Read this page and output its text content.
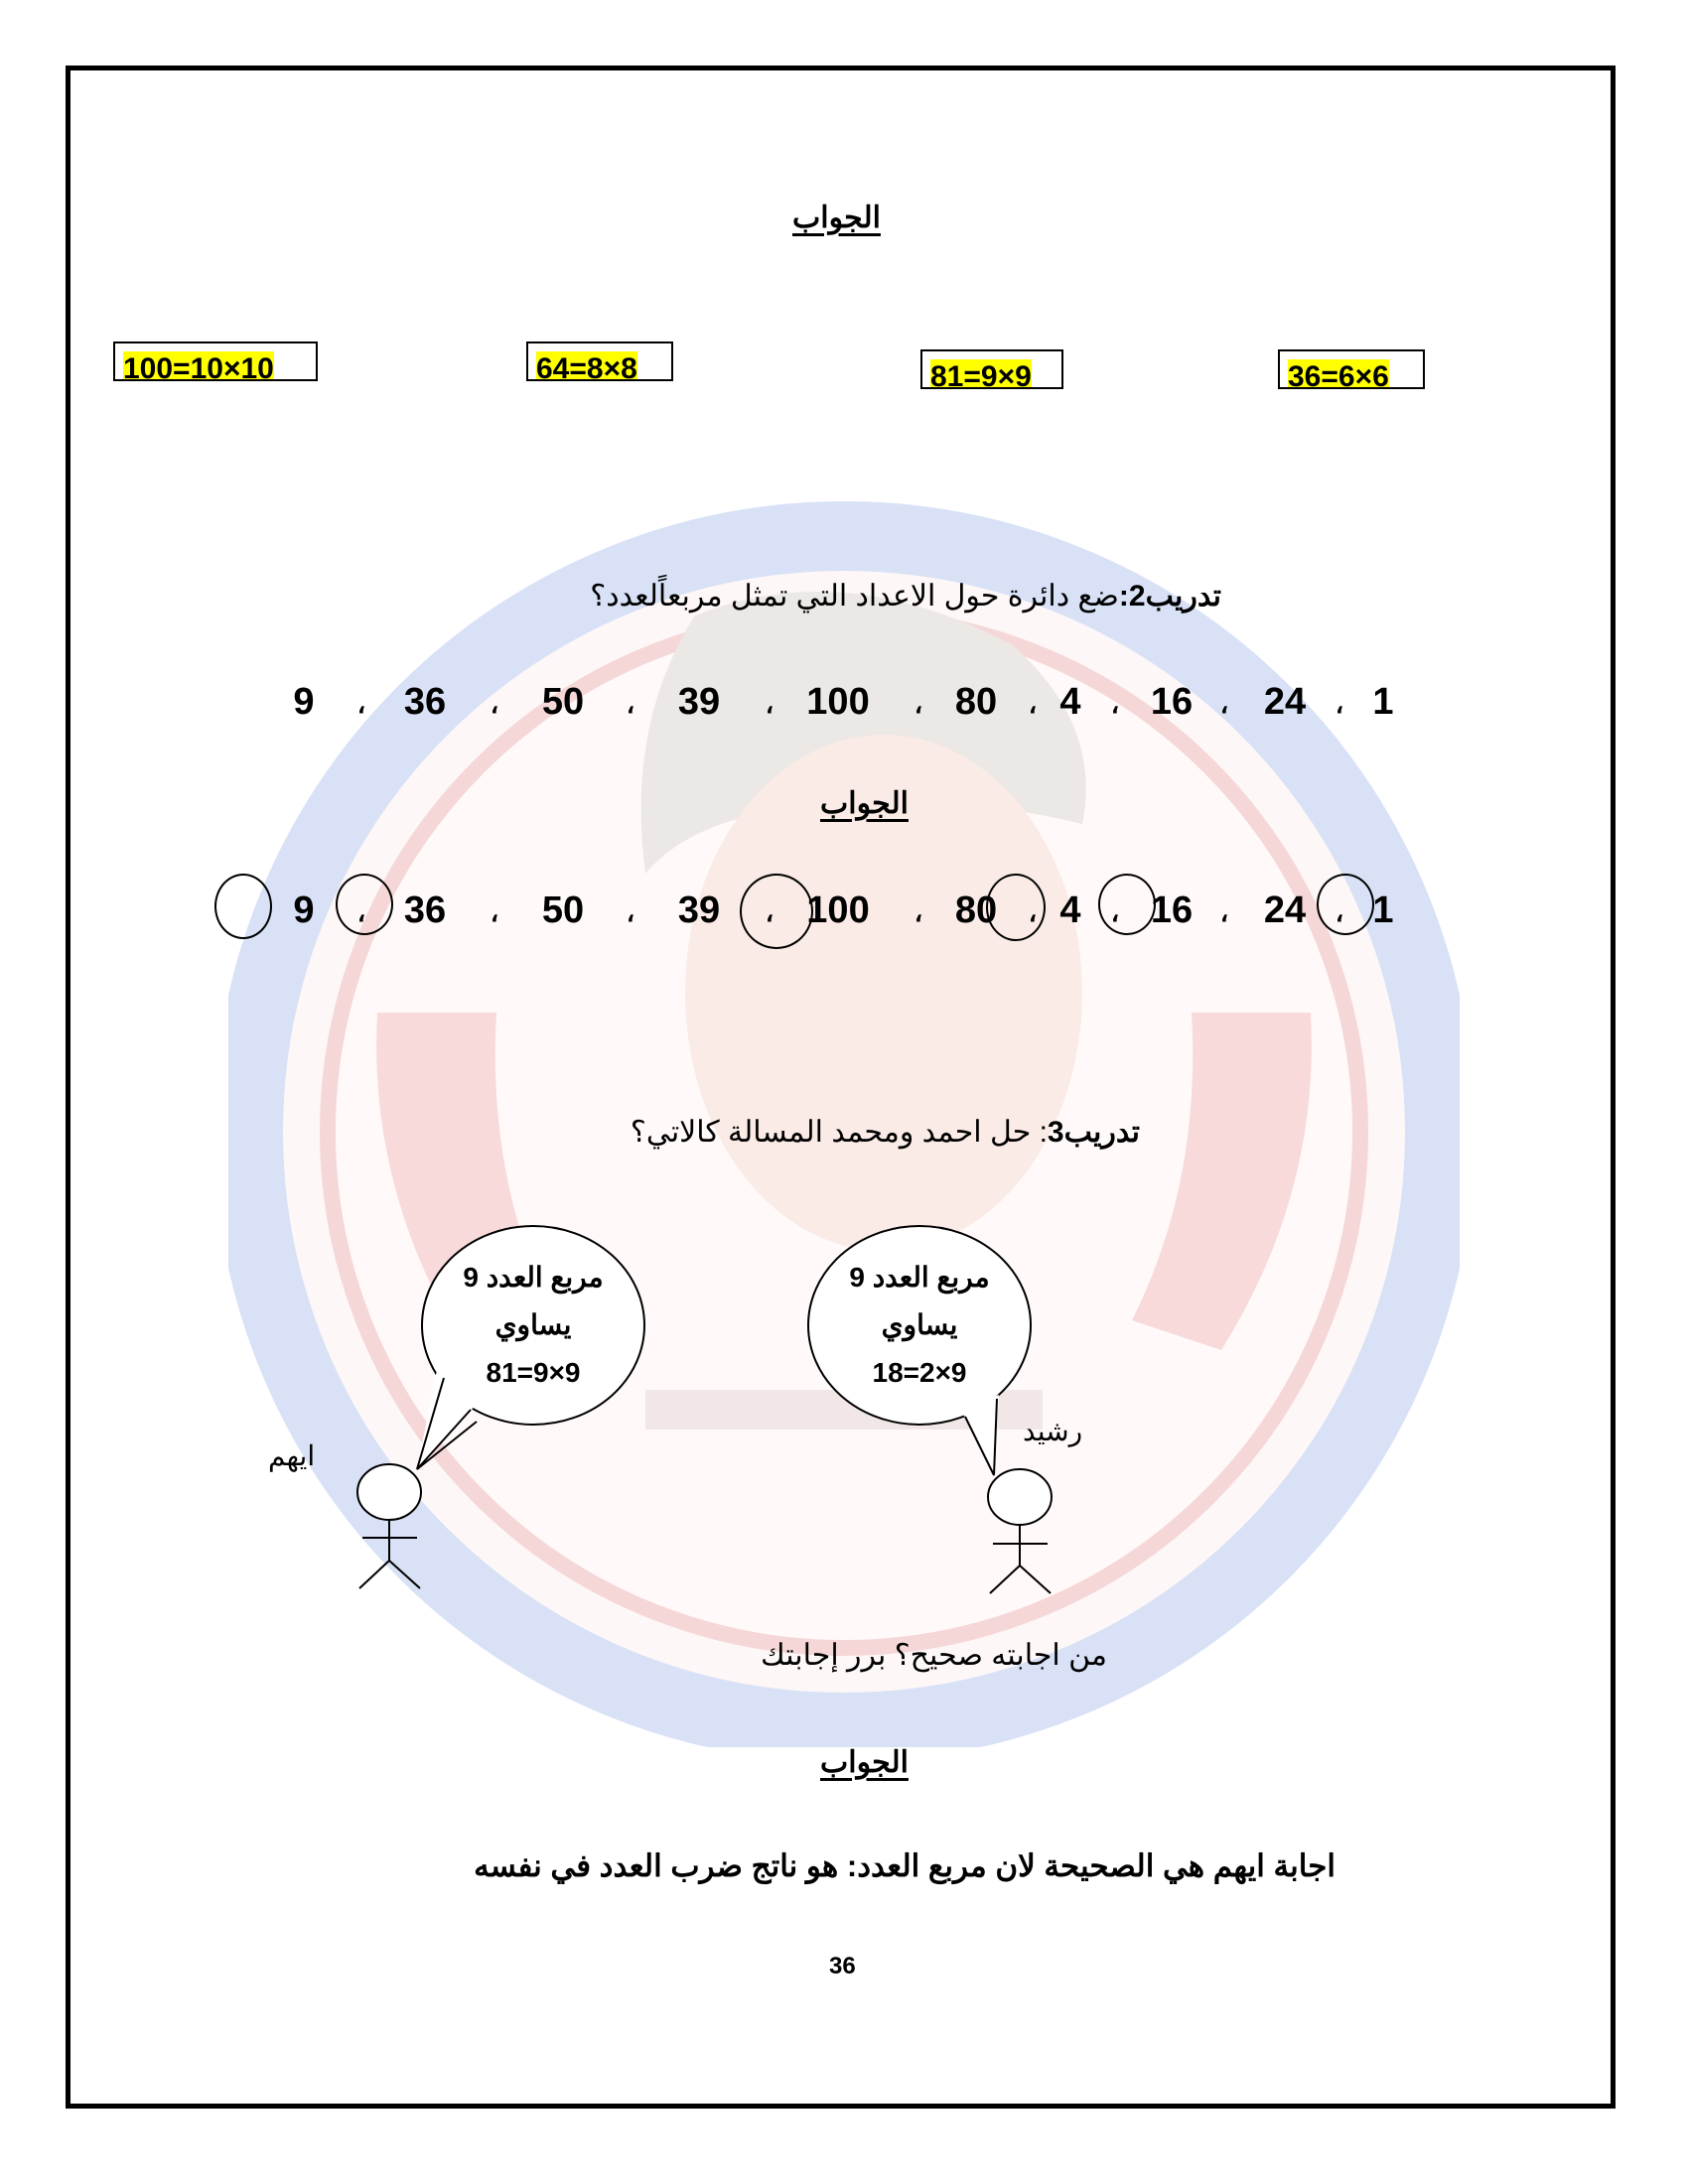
الجواب
100=10×10	64=8×8	81=9×9	36=6×6
تدريب2:ضع دائرة حول الاعداد التي تمثل مربعاًلعدد؟
1
،
24
،
16
،
4
،
80
،
100
،
39
،
50
،
36
،
9
الجواب
1
،
24
،
16
،
4
،
80
،
100
،
39
،
50
،
36
،
9
تدريب3: حل احمد ومحمد المسالة كالاتي؟
مربع العدد 9
يساوي
81=9×9
مربع العدد 9
يساوي
18=2×9
ايهم
رشيد
من اجابته صحيح؟ برر إجابتك
الجواب
اجابة ايهم هي الصحيحة لان مربع العدد: هو ناتج ضرب العدد في نفسه
36
